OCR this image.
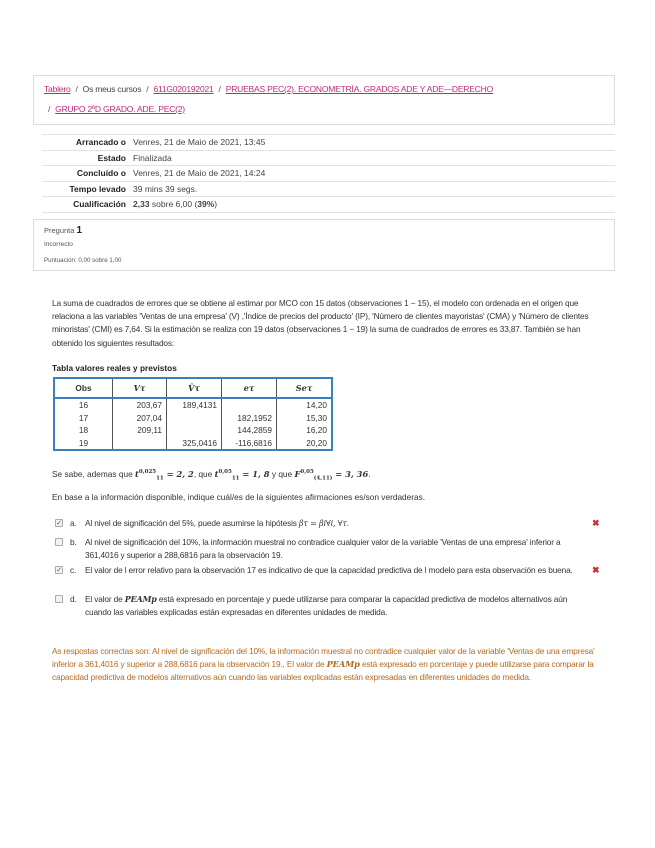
Tablero / Os meus cursos / 611G020192021 / PRUEBAS PEC(2). ECONOMETRÍA. GRADOS ADE Y ADE—DERECHO
/ GRUPO 2ºD GRADO. ADE. PEC(2)
Arrancado o Venres, 21 de Maio de 2021, 13:45
Estado Finalizada
Concluído o Venres, 21 de Maio de 2021, 14:24
Tempo levado 39 mins 39 segs.
Cualificación 2,33 sobre 6,00 (39%)
Pregunta 1
Incorrecto
Puntuación: 0,00 sobre 1,00
La suma de cuadrados de errores que se obtiene al estimar por MCO con 15 datos (observaciones 1 − 15), el modelo con ordenada en el origen que relaciona a las variables 'Ventas de una empresa' (V) ,'Índice de precios del producto' (IP), 'Número de clientes mayoristas' (CMA) y 'Número de clientes minoristas' (CMI) es 7,64. Si la estimación se realiza con 19 datos (observaciones 1 − 19) la suma de cuadrados de errores es 33,87. También se han obtenido los siguientes resultados:
Tabla valores reales y previstos
Obs	Vτ	V̂τ	eτ	Seτ
16	203,67	189,4131		14,20
17	207,04		182,1952	15,30
18	209,11		144,2859	16,20
19		325,0416	-116,6816	20,20
Se sabe, ademas que $t^{0,025}_{11} = 2$, 2, que $t^{0,05}_{11} = 1$, 8 y que F$^{0,05}_{(4,11)}$ = 3, 36.
En base a la información disponible, indique cuál/es de la siguientes afirmaciones es/son verdaderas.
✓ a. Al nivel de significación del 5%, puede asumirse la hipótesis βτ = βi∀i, ∀τ.	✖
b. Al nivel de significación del 10%, la información muestral no contradice cualquier valor de la variable 'Ventas de una empresa' inferior a 361,4016 y superior a 288,6816 para la observación 19.
✓ c. El valor de l error relativo para la observación 17 es indicativo de que la capacidad predictiva de l modelo para esta observación es buena.	✖
d. El valor de PEAMp está expresado en porcentaje y puede utilizarse para comparar la capacidad predictiva de modelos alternativos aún cuando las variables explicadas están expresadas en diferentes unidades de medida.
As respostas correctas son: Al nivel de significación del 10%, la información muestral no contradice cualquier valor de la variable 'Ventas de una empresa' inferior a 361,4016 y superior a 288,6816 para la observación 19., El valor de PEAMp está expresado en porcentaje y puede utilizarse para comparar la capacidad predictiva de modelos alternativos aún cuando las variables explicadas están expresadas en diferentes unidades de medida.
